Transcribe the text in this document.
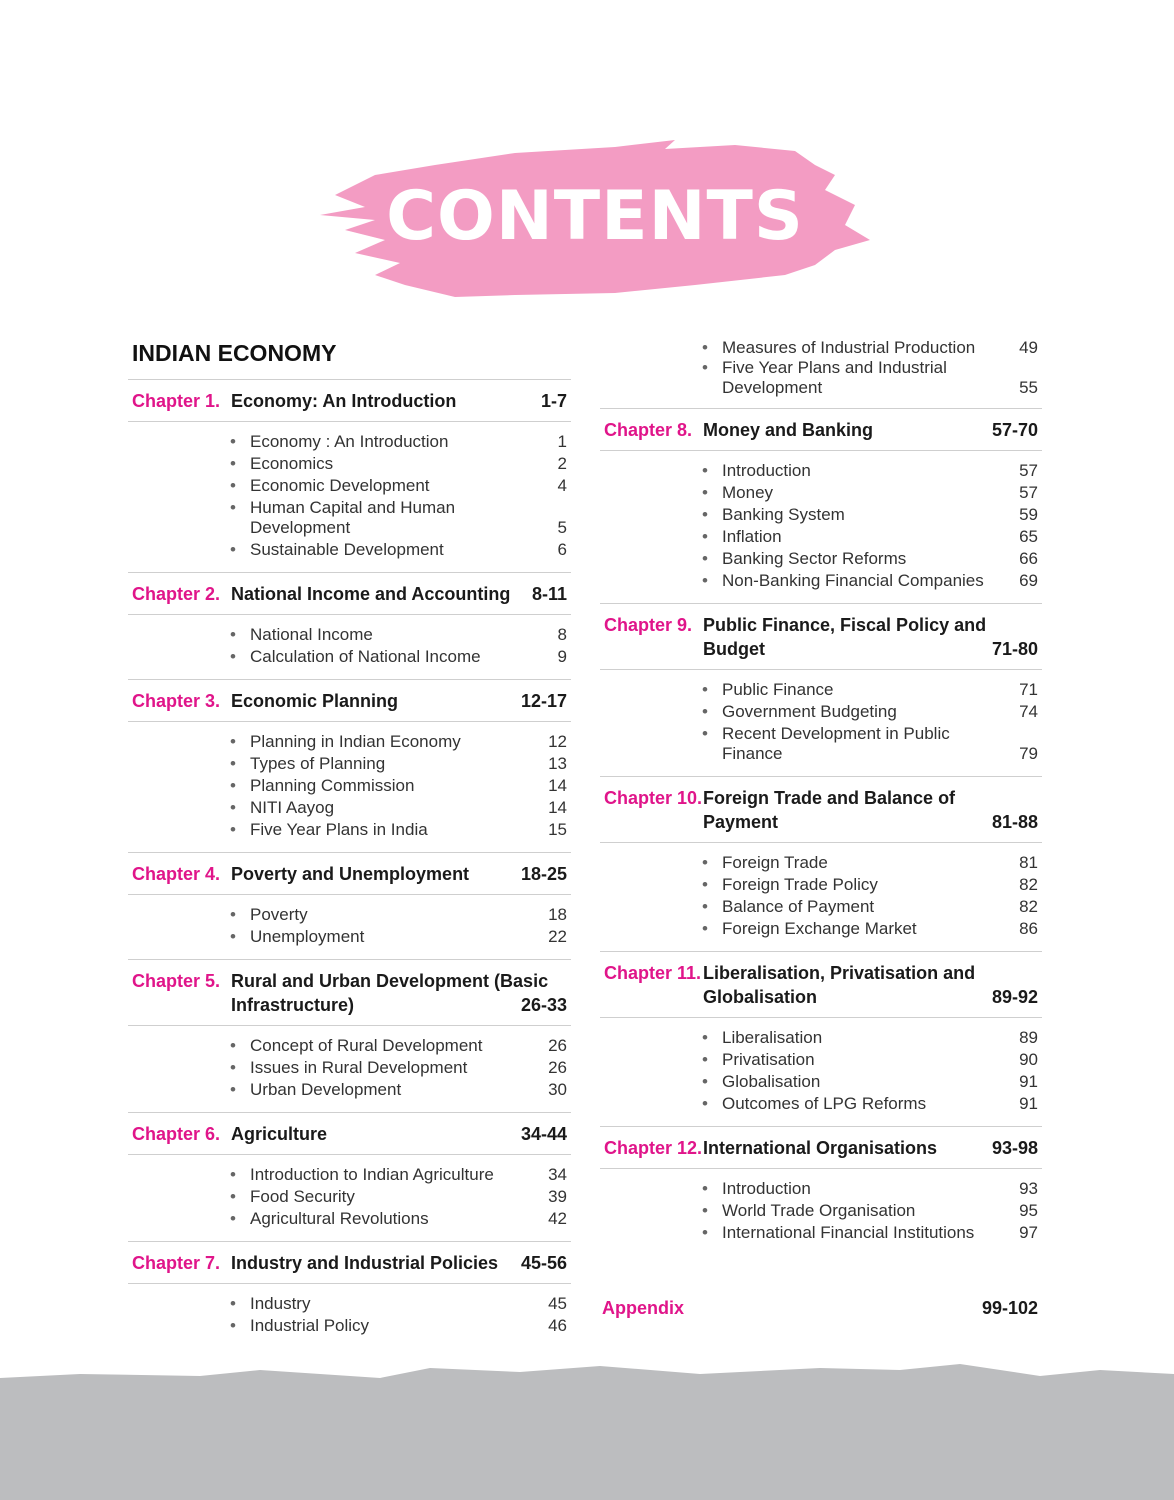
CONTENTS
INDIAN ECONOMY
Chapter 1. Economy: An Introduction	1-7
• Economy : An Introduction	1
• Economics	2
• Economic Development	4
• Human Capital and Human
Development	5
• Sustainable Development	6
Chapter 2. National Income and Accounting 8-11
• National Income	8
• Calculation of National Income	9
Chapter 3. Economic Planning	12-17
• Planning in Indian Economy	12
• Types of Planning	13
• Planning Commission	14
• NITI Aayog	14
• Five Year Plans in India	15
Chapter 4. Poverty and Unemployment	18-25
• Poverty	18
• Unemployment	22
Chapter 5. Rural and Urban Development (Basic
Infrastructure)	26-33
• Concept of Rural Development	26
• Issues in Rural Development	26
• Urban Development	30
Chapter 6. Agriculture	34-44
• Introduction to Indian Agriculture	34
• Food Security	39
• Agricultural Revolutions	42
Chapter 7. Industry and Industrial Policies 45-56
• Industry	45
• Industrial Policy	46
• Measures of Industrial Production	49
• Five Year Plans and Industrial
Development	55
Chapter 8. Money and Banking	57-70
• Introduction	57
• Money	57
• Banking System	59
• Inflation	65
• Banking Sector Reforms	66
• Non-Banking Financial Companies	69
Chapter 9. Public Finance, Fiscal Policy and
Budget	71-80
• Public Finance	71
• Government Budgeting	74
• Recent Development in Public
Finance	79
Chapter 10. Foreign Trade and Balance of
Payment	81-88
• Foreign Trade	81
• Foreign Trade Policy	82
• Balance of Payment	82
• Foreign Exchange Market	86
Chapter 11. Liberalisation, Privatisation and
Globalisation	89-92
• Liberalisation	89
• Privatisation	90
• Globalisation	91
• Outcomes of LPG Reforms	91
Chapter 12. International Organisations	93-98
• Introduction	93
• World Trade Organisation	95
• International Financial Institutions	97
Appendix	99-102
